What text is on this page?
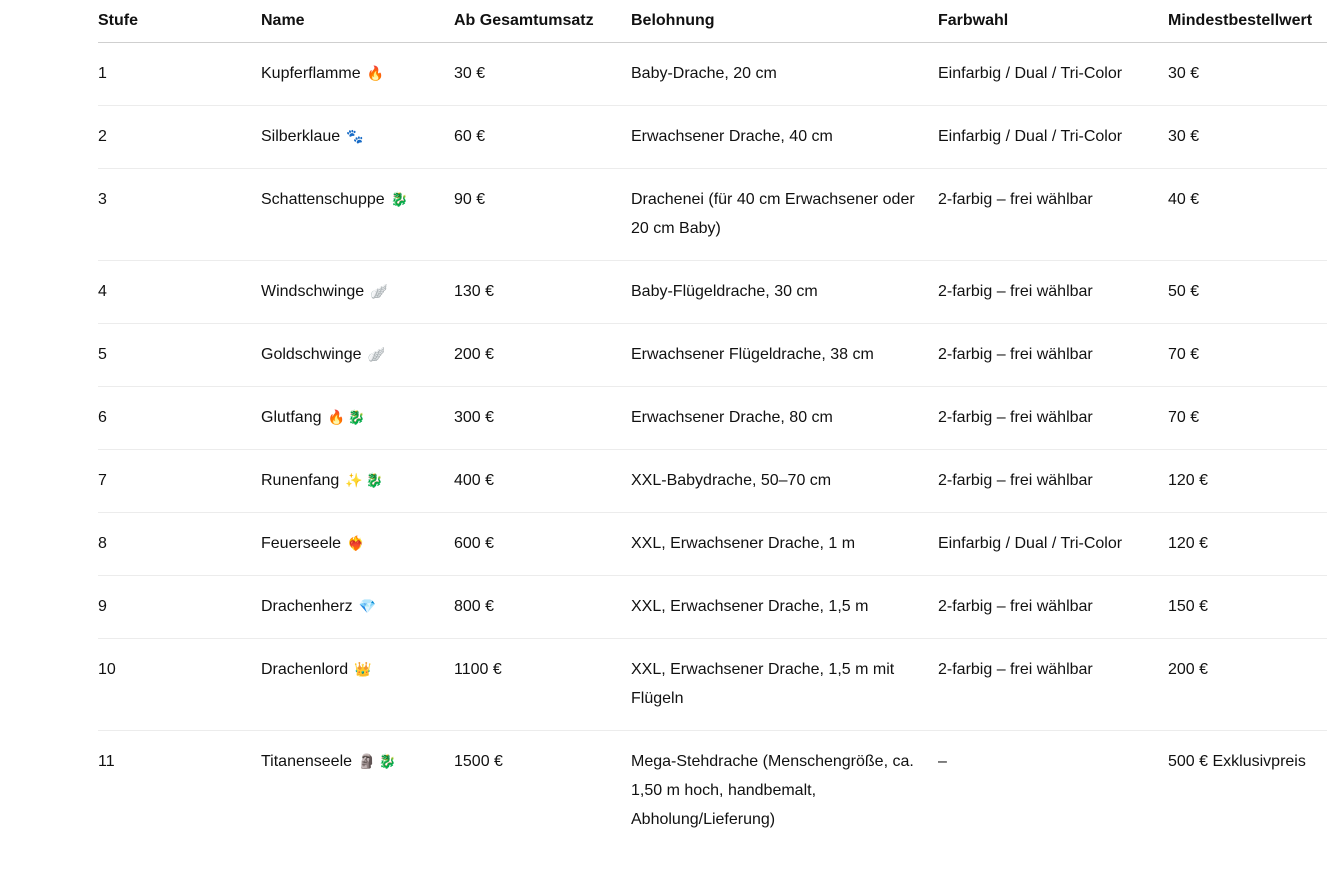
Stufe	Name	Ab Gesamtumsatz	Belohnung	Farbwahl	Mindestbestellwert
1	Kupferflamme 🔥	30 €	Baby-Drache, 20 cm	Einfarbig / Dual / Tri-Color	30 €
2	Silberklaue 🐾	60 €	Erwachsener Drache, 40 cm	Einfarbig / Dual / Tri-Color	30 €
3	Schattenschuppe 🐉	90 €	Drachenei (für 40 cm Erwachsener oder 20 cm Baby)	2-farbig – frei wählbar	40 €
4	Windschwinge 🪽	130 €	Baby-Flügeldrache, 30 cm	2-farbig – frei wählbar	50 €
5	Goldschwinge 🪽	200 €	Erwachsener Flügeldrache, 38 cm	2-farbig – frei wählbar	70 €
6	Glutfang 🔥 🐉	300 €	Erwachsener Drache, 80 cm	2-farbig – frei wählbar	70 €
7	Runenfang ✨ 🐉	400 €	XXL-Babydrache, 50–70 cm	2-farbig – frei wählbar	120 €
8	Feuerseele ❤️‍🔥	600 €	XXL, Erwachsener Drache, 1 m	Einfarbig / Dual / Tri-Color	120 €
9	Drachenherz 💎	800 €	XXL, Erwachsener Drache, 1,5 m	2-farbig – frei wählbar	150 €
10	Drachenlord 👑	1100 €	XXL, Erwachsener Drache, 1,5 m mit Flügeln	2-farbig – frei wählbar	200 €
11	Titanenseele 🗿 🐉	1500 €	Mega-Stehdrache (Menschengröße, ca. 1,50 m hoch, handbemalt, Abholung/Lieferung)	–	500 € Exklusivpreis
